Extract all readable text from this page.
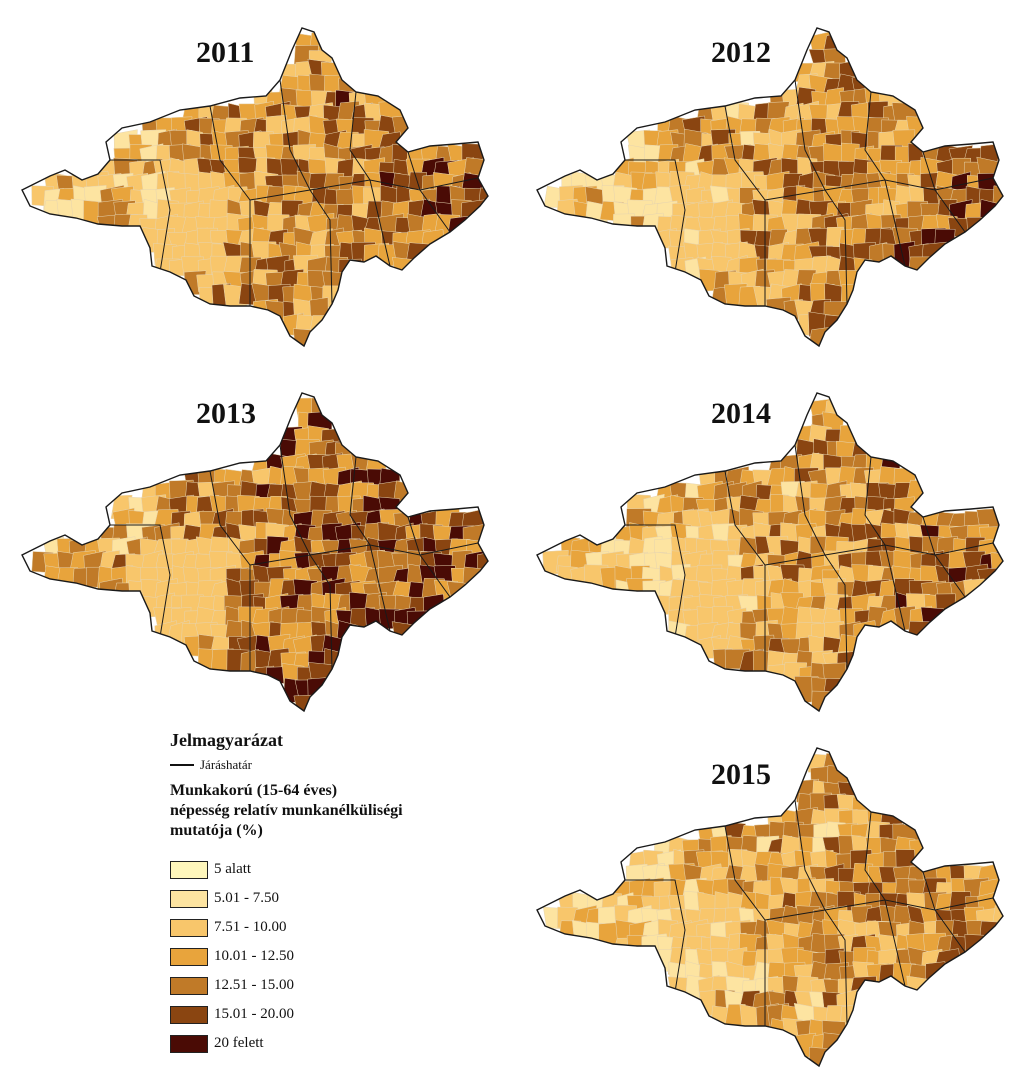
2011	2012
2013	2014
2015
Jelmagyarázat
Járáshatár
Munkakorú (15-64 éves)
népesség relatív munkanélküliségi
mutatója (%)
5 alatt
5.01 - 7.50
7.51 - 10.00
10.01 - 12.50
12.51 - 15.00
15.01 - 20.00
20 felett
